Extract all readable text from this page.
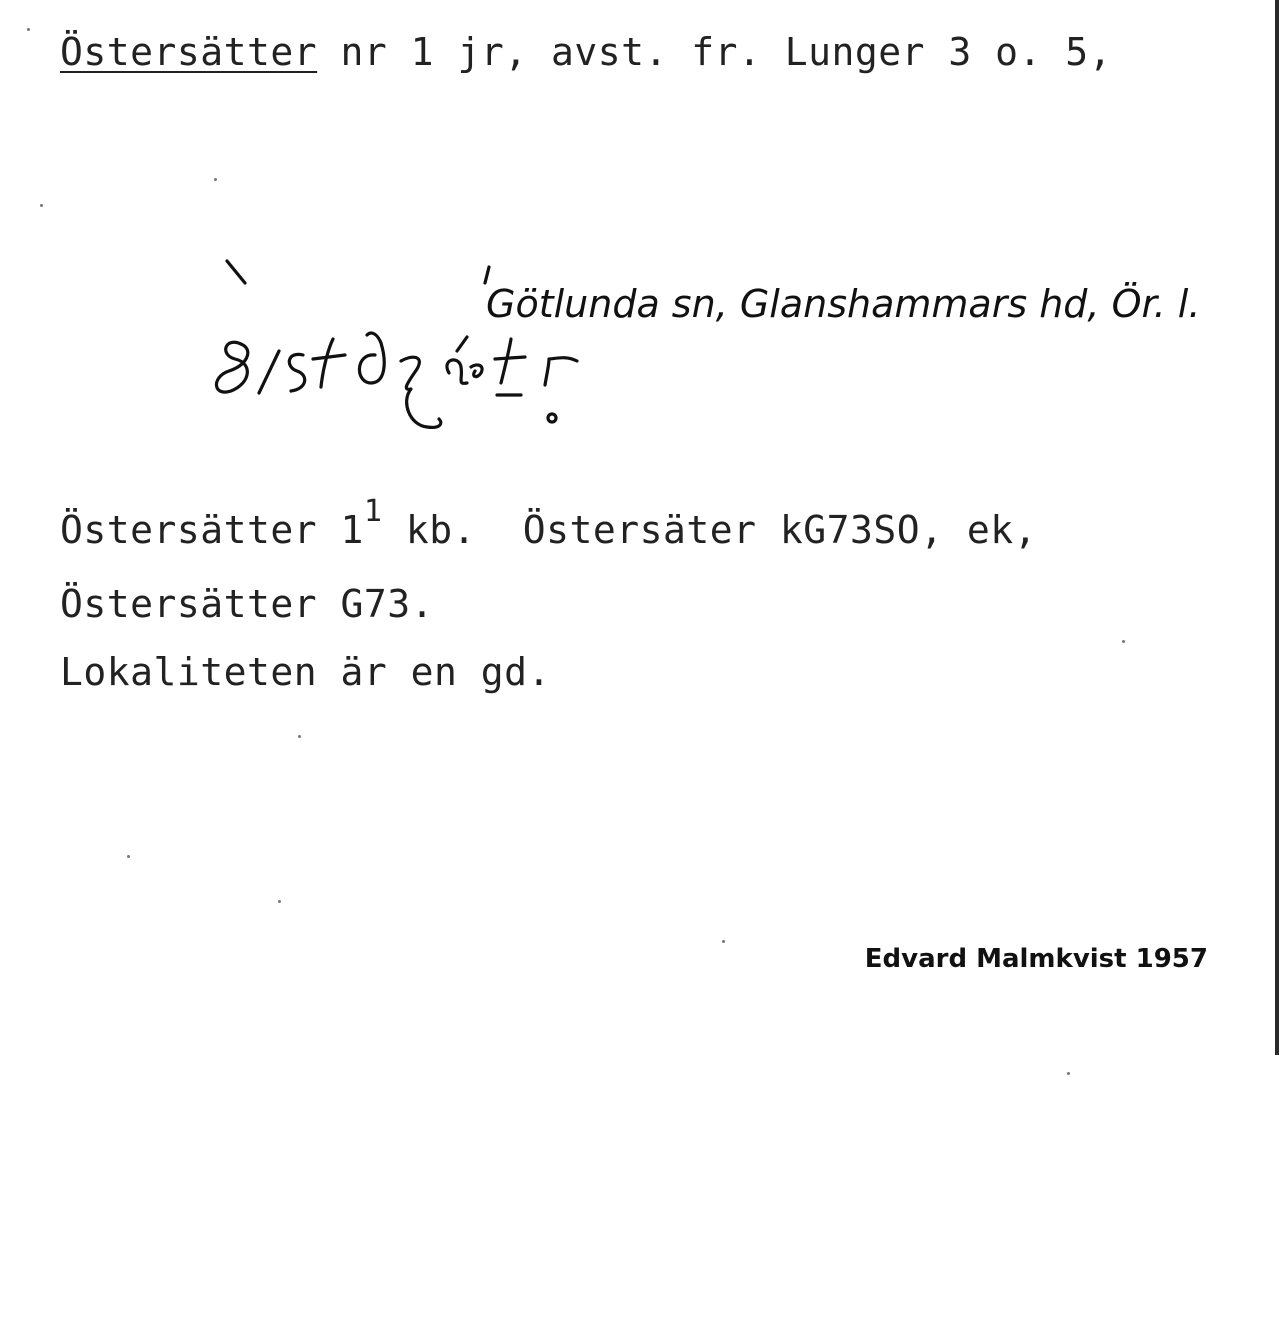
Östersätter nr 1 jr, avst. fr. Lunger 3 o. 5,
Götlunda sn, Glanshammars hd, Ör. l.
Östersätter $1^1$ kb.  Östersäter kG73SO, ek,
Östersätter G73.
Lokaliteten är en gd.
Edvard Malmkvist 1957
